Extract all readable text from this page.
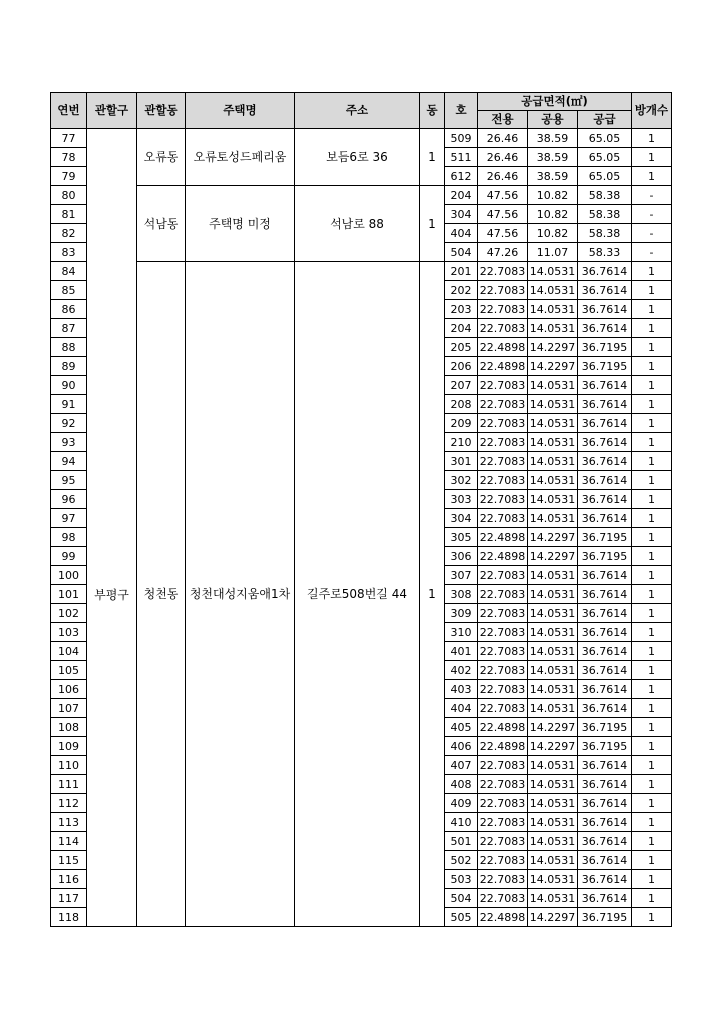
연번	관할구	관할동	주택명	주소	동	호	공급면적(㎡)			방개수
							전용	공용	공급	
77	부평구	오류동	오류토성드페리움	보듬6로 36	1	509	26.46	38.59	65.05	1
78						511	26.46	38.59	65.05	1
79						612	26.46	38.59	65.05	1
80		석남동	주택명 미정	석남로 88	1	204	47.56	10.82	58.38	-
81						304	47.56	10.82	58.38	-
82						404	47.56	10.82	58.38	-
83						504	47.26	11.07	58.33	-
84		청천동	청천대성지움애1차	길주로508번길 44	1	201	22.7083	14.0531	36.7614	1
85						202	22.7083	14.0531	36.7614	1
86						203	22.7083	14.0531	36.7614	1
87						204	22.7083	14.0531	36.7614	1
88						205	22.4898	14.2297	36.7195	1
89						206	22.4898	14.2297	36.7195	1
90						207	22.7083	14.0531	36.7614	1
91						208	22.7083	14.0531	36.7614	1
92						209	22.7083	14.0531	36.7614	1
93						210	22.7083	14.0531	36.7614	1
94						301	22.7083	14.0531	36.7614	1
95						302	22.7083	14.0531	36.7614	1
96						303	22.7083	14.0531	36.7614	1
97						304	22.7083	14.0531	36.7614	1
98						305	22.4898	14.2297	36.7195	1
99						306	22.4898	14.2297	36.7195	1
100						307	22.7083	14.0531	36.7614	1
101						308	22.7083	14.0531	36.7614	1
102						309	22.7083	14.0531	36.7614	1
103						310	22.7083	14.0531	36.7614	1
104						401	22.7083	14.0531	36.7614	1
105						402	22.7083	14.0531	36.7614	1
106						403	22.7083	14.0531	36.7614	1
107						404	22.7083	14.0531	36.7614	1
108						405	22.4898	14.2297	36.7195	1
109						406	22.4898	14.2297	36.7195	1
110						407	22.7083	14.0531	36.7614	1
111						408	22.7083	14.0531	36.7614	1
112						409	22.7083	14.0531	36.7614	1
113						410	22.7083	14.0531	36.7614	1
114						501	22.7083	14.0531	36.7614	1
115						502	22.7083	14.0531	36.7614	1
116						503	22.7083	14.0531	36.7614	1
117						504	22.7083	14.0531	36.7614	1
118						505	22.4898	14.2297	36.7195	1
